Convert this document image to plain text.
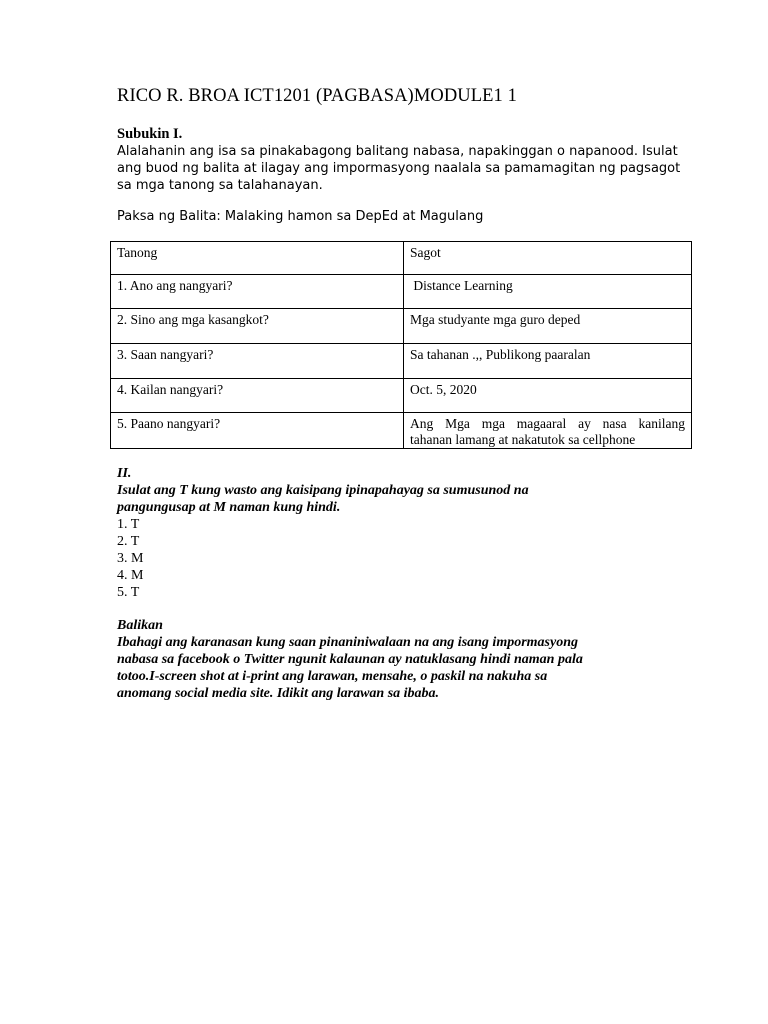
RICO R. BROA ICT1201 (PAGBASA)MODULE1 1
Subukin I.
Alalahanin ang isa sa pinakabagong balitang nabasa, napakinggan o napanood. Isulat
ang buod ng balita at ilagay ang impormasyong naalala sa pamamagitan ng pagsagot
sa mga tanong sa talahanayan.
Paksa ng Balita: Malaking hamon sa DepEd at Magulang
Tanong	Sagot
1. Ano ang nangyari?	Distance Learning
2. Sino ang mga kasangkot?	Mga studyante mga guro deped
3. Saan nangyari?	Sa tahanan .,, Publikong paaralan
4. Kailan nangyari?	Oct. 5, 2020
5. Paano nangyari?	Ang Mga mga magaaral ay nasa kanilang
tahanan lamang at nakatutok sa cellphone
II.
Isulat ang T kung wasto ang kaisipang ipinapahayag sa sumusunod na
pangungusap at M naman kung hindi.
1. T
2. T
3. M
4. M
5. T
Balikan
Ibahagi ang karanasan kung saan pinaniniwalaan na ang isang impormasyong
nabasa sa facebook o Twitter ngunit kalaunan ay natuklasang hindi naman pala
totoo.I-screen shot at i-print ang larawan, mensahe, o paskil na nakuha sa
anomang social media site. Idikit ang larawan sa ibaba.
